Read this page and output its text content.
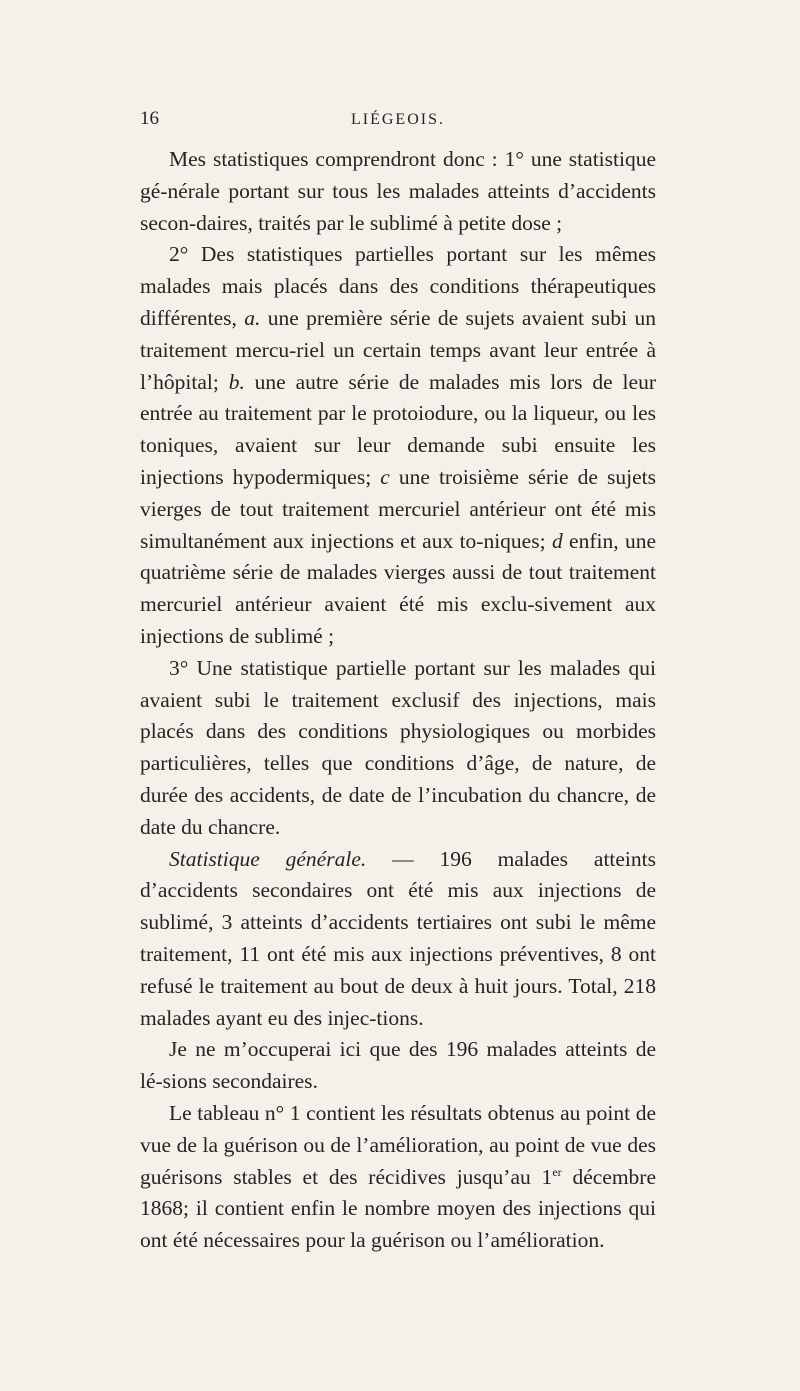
16	LIÉGEOIS.

Mes statistiques comprendront donc : 1° une statistique gé-nérale portant sur tous les malades atteints d’accidents secon-daires, traités par le sublimé à petite dose ;

2° Des statistiques partielles portant sur les mêmes malades mais placés dans des conditions thérapeutiques différentes, a. une première série de sujets avaient subi un traitement mercu-riel un certain temps avant leur entrée à l’hôpital; b. une autre série de malades mis lors de leur entrée au traitement par le protoiodure, ou la liqueur, ou les toniques, avaient sur leur demande subi ensuite les injections hypodermiques; c une troisième série de sujets vierges de tout traitement mercuriel antérieur ont été mis simultanément aux injections et aux to-niques; d enfin, une quatrième série de malades vierges aussi de tout traitement mercuriel antérieur avaient été mis exclu-sivement aux injections de sublimé ;

3° Une statistique partielle portant sur les malades qui avaient subi le traitement exclusif des injections, mais placés dans des conditions physiologiques ou morbides particulières, telles que conditions d’âge, de nature, de durée des accidents, de date de l’incubation du chancre, de date du chancre.

Statistique générale. — 196 malades atteints d’accidents secondaires ont été mis aux injections de sublimé, 3 atteints d’accidents tertiaires ont subi le même traitement, 11 ont été mis aux injections préventives, 8 ont refusé le traitement au bout de deux à huit jours. Total, 218 malades ayant eu des injec-tions.

Je ne m’occuperai ici que des 196 malades atteints de lé-sions secondaires.

Le tableau n° 1 contient les résultats obtenus au point de vue de la guérison ou de l’amélioration, au point de vue des guérisons stables et des récidives jusqu’au 1er décembre 1868; il contient enfin le nombre moyen des injections qui ont été nécessaires pour la guérison ou l’amélioration.
